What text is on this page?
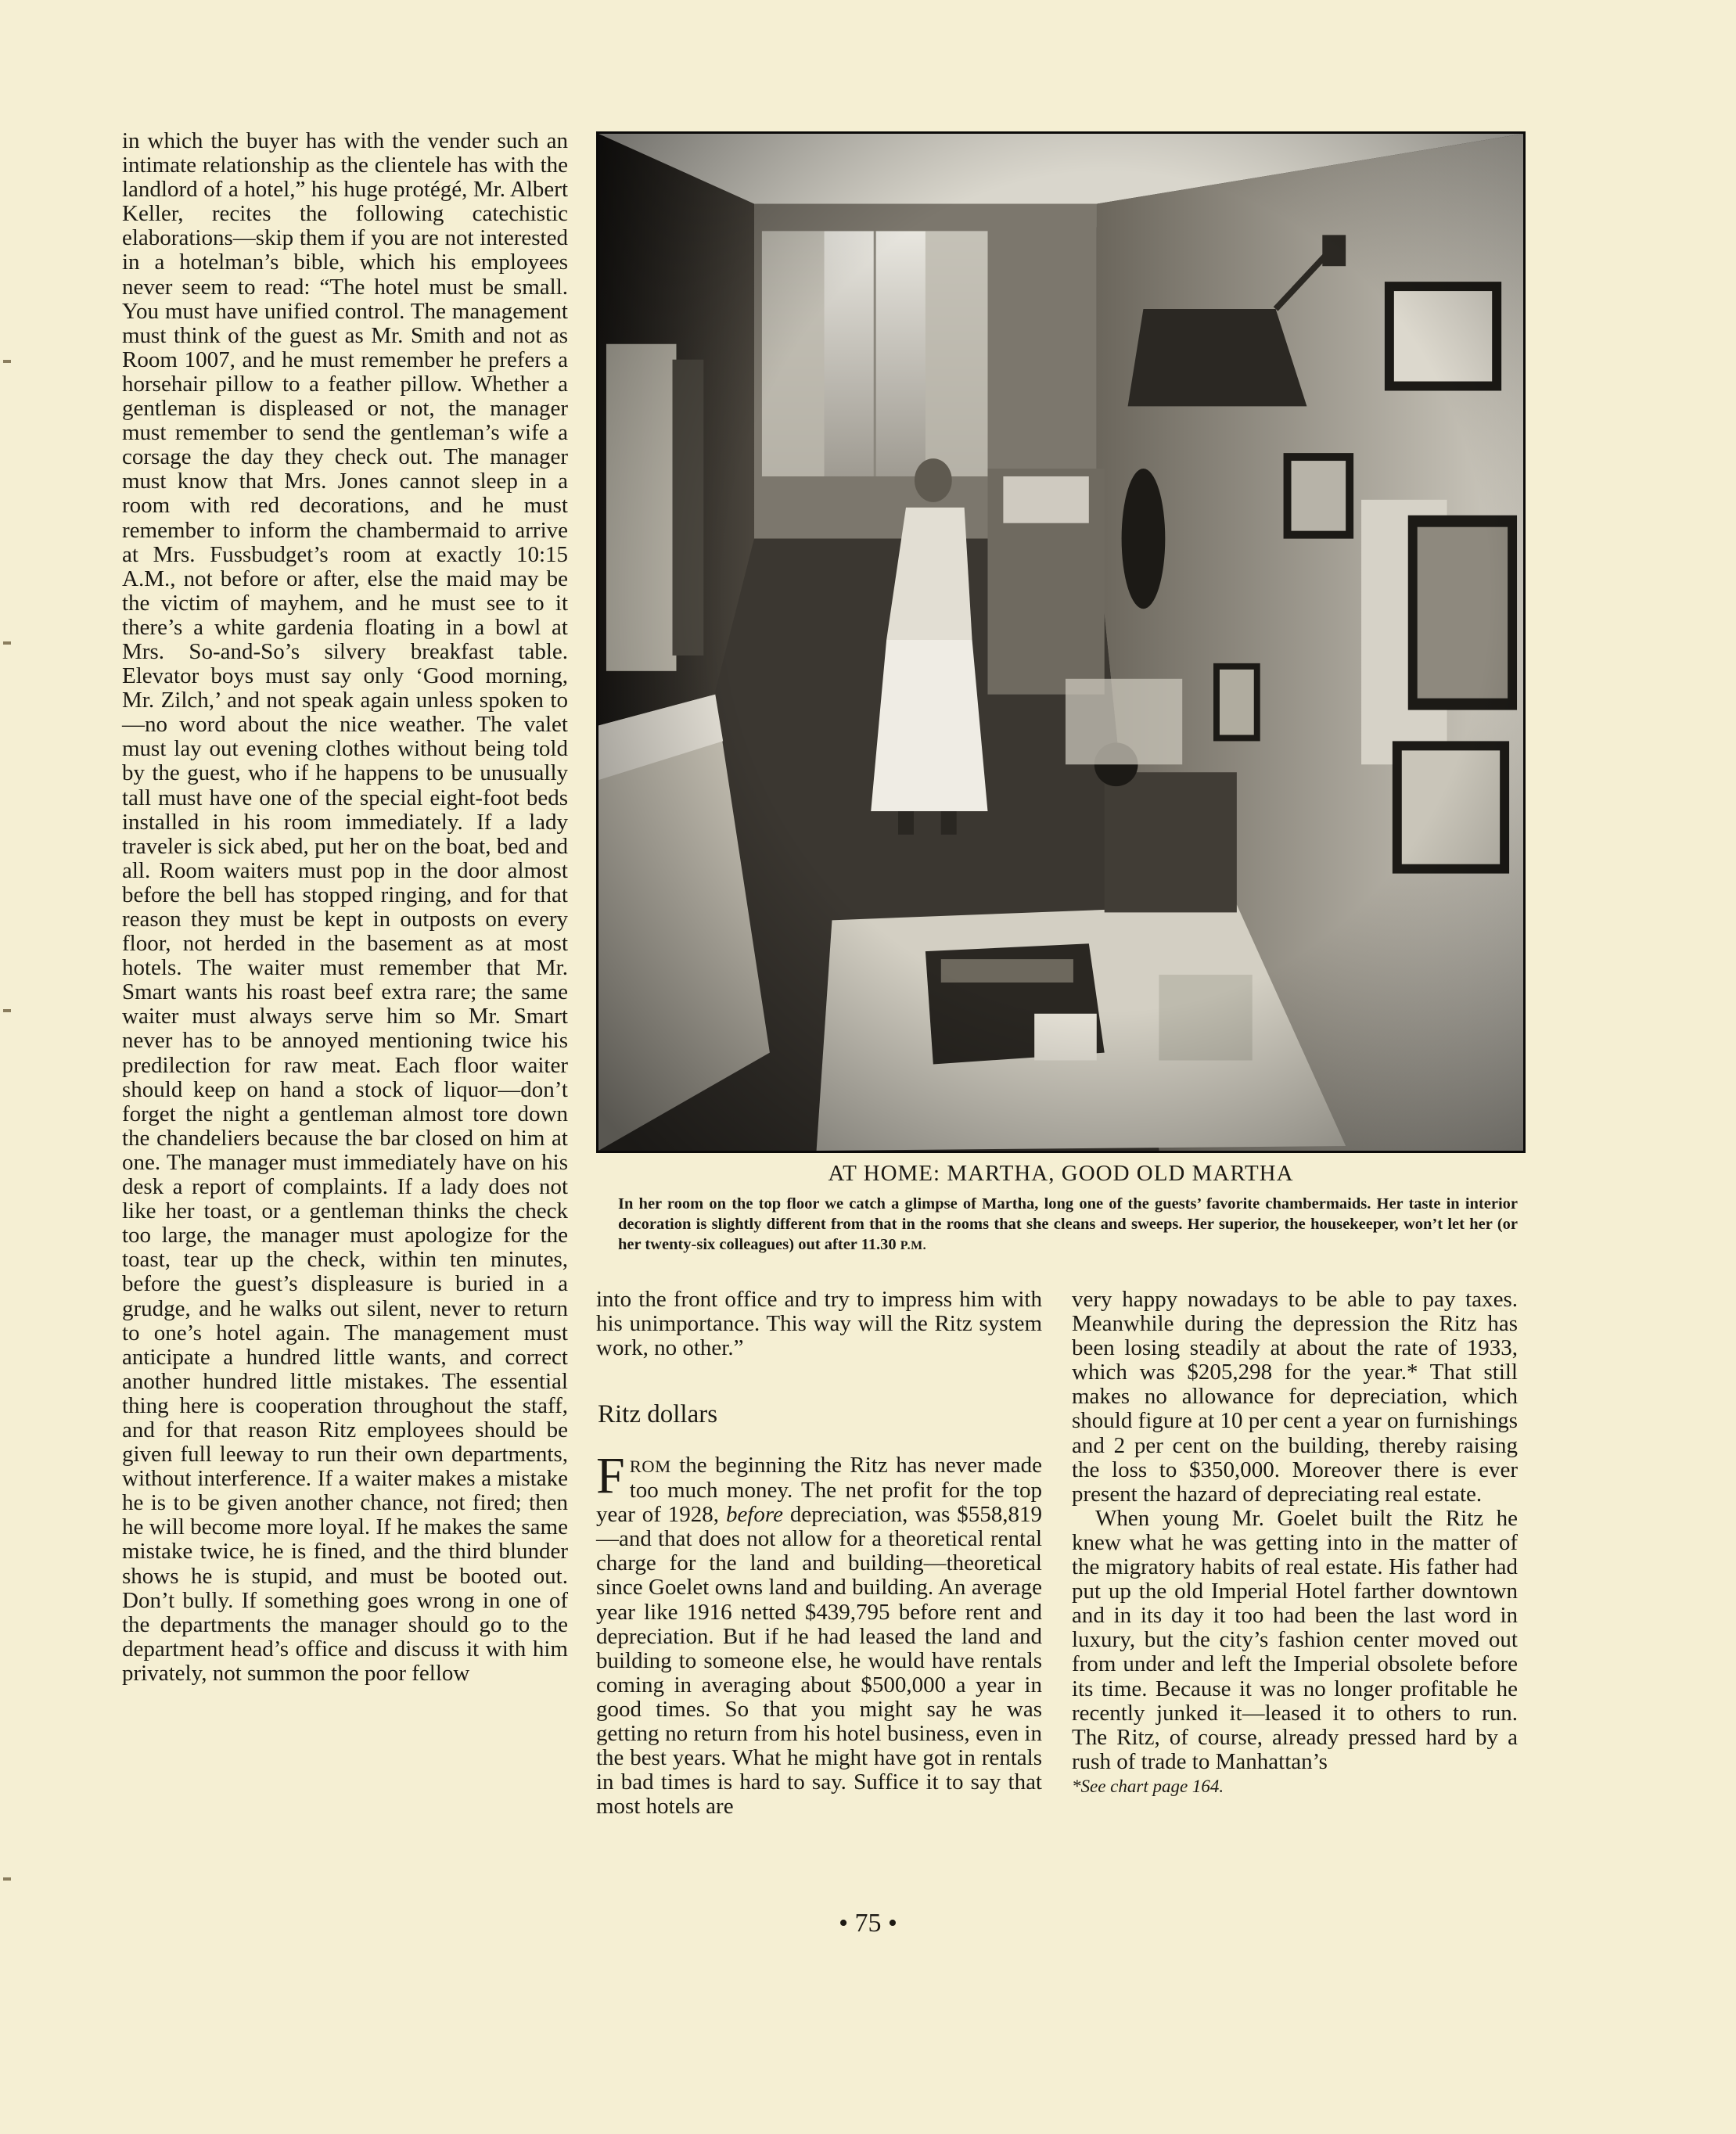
in which the buyer has with the vender such an intimate relationship as the clientele has with the landlord of a hotel,” his huge protégé, Mr. Albert Keller, recites the following catechistic elaborations—skip them if you are not interested in a hotelman’s bible, which his employees never seem to read: “The hotel must be small. You must have unified control. The management must think of the guest as Mr. Smith and not as Room 1007, and he must remember he prefers a horsehair pillow to a feather pillow. Whether a gentleman is displeased or not, the manager must remember to send the gentleman’s wife a corsage the day they check out. The manager must know that Mrs. Jones cannot sleep in a room with red decorations, and he must remember to inform the chambermaid to arrive at Mrs. Fussbudget’s room at exactly 10:15 A.M., not before or after, else the maid may be the victim of mayhem, and he must see to it there’s a white gardenia floating in a bowl at Mrs. So-and-So’s silvery breakfast table. Elevator boys must say only ‘Good morning, Mr. Zilch,’ and not speak again unless spoken to—no word about the nice weather. The valet must lay out evening clothes without being told by the guest, who if he happens to be unusually tall must have one of the special eight-foot beds installed in his room immediately. If a lady traveler is sick abed, put her on the boat, bed and all. Room waiters must pop in the door almost before the bell has stopped ringing, and for that reason they must be kept in outposts on every floor, not herded in the basement as at most hotels. The waiter must remember that Mr. Smart wants his roast beef extra rare; the same waiter must always serve him so Mr. Smart never has to be annoyed mentioning twice his predilection for raw meat. Each floor waiter should keep on hand a stock of liquor—don’t forget the night a gentleman almost tore down the chandeliers because the bar closed on him at one. The manager must immediately have on his desk a report of complaints. If a lady does not like her toast, or a gentleman thinks the check too large, the manager must apologize for the toast, tear up the check, within ten minutes, before the guest’s displeasure is buried in a grudge, and he walks out silent, never to return to one’s hotel again. The management must anticipate a hundred little wants, and correct another hundred little mistakes. The essential thing here is cooperation throughout the staff, and for that reason Ritz employees should be given full leeway to run their own departments, without interference. If a waiter makes a mistake he is to be given another chance, not fired; then he will become more loyal. If he makes the same mistake twice, he is fined, and the third blunder shows he is stupid, and must be booted out. Don’t bully. If something goes wrong in one of the departments the manager should go to the department head’s office and discuss it with him privately, not summon the poor fellow

AT HOME: MARTHA, GOOD OLD MARTHA
In her room on the top floor we catch a glimpse of Martha, long one of the guests’ favorite chambermaids. Her taste in interior decoration is slightly different from that in the rooms that she cleans and sweeps. Her superior, the housekeeper, won’t let her (or her twenty-six colleagues) out after 11.30 P.M.

into the front office and try to impress him with his unimportance. This way will the Ritz system work, no other.”

Ritz dollars

FROM the beginning the Ritz has never made too much money. The net profit for the top year of 1928, before depreciation, was $558,819—and that does not allow for a theoretical rental charge for the land and building—theoretical since Goelet owns land and building. An average year like 1916 netted $439,795 before rent and depreciation. But if he had leased the land and building to someone else, he would have rentals coming in averaging about $500,000 a year in good times. So that you might say he was getting no return from his hotel business, even in the best years. What he might have got in rentals in bad times is hard to say. Suffice it to say that most hotels are

very happy nowadays to be able to pay taxes. Meanwhile during the depression the Ritz has been losing steadily at about the rate of 1933, which was $205,298 for the year.* That still makes no allowance for depreciation, which should figure at 10 per cent a year on furnishings and 2 per cent on the building, thereby raising the loss to $350,000. Moreover there is ever present the hazard of depreciating real estate.

When young Mr. Goelet built the Ritz he knew what he was getting into in the matter of the migratory habits of real estate. His father had put up the old Imperial Hotel farther downtown and in its day it too had been the last word in luxury, but the city’s fashion center moved out from under and left the Imperial obsolete before its time. Because it was no longer profitable he recently junked it—leased it to others to run. The Ritz, of course, already pressed hard by a rush of trade to Manhattan’s

*See chart page 164.

• 75 •
